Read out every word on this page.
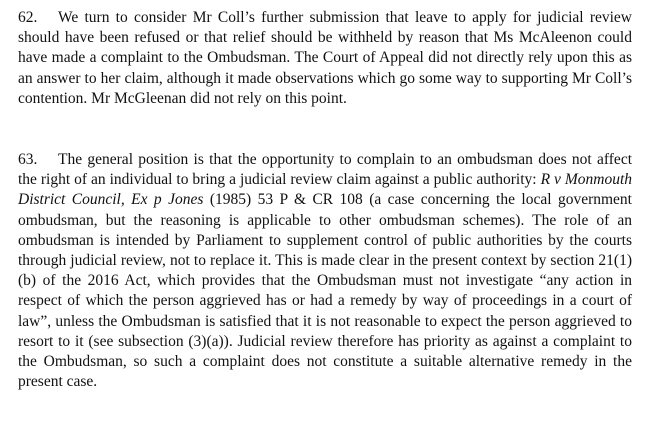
62. We turn to consider Mr Coll’s further submission that leave to apply for judicial review should have been refused or that relief should be withheld by reason that Ms McAleenon could have made a complaint to the Ombudsman. The Court of Appeal did not directly rely upon this as an answer to her claim, although it made observations which go some way to supporting Mr Coll’s contention. Mr McGleenan did not rely on this point.

63. The general position is that the opportunity to complain to an ombudsman does not affect the right of an individual to bring a judicial review claim against a public authority: R v Monmouth District Council, Ex p Jones (1985) 53 P & CR 108 (a case concerning the local government ombudsman, but the reasoning is applicable to other ombudsman schemes). The role of an ombudsman is intended by Parliament to supplement control of public authorities by the courts through judicial review, not to replace it. This is made clear in the present context by section 21(1)(b) of the 2016 Act, which provides that the Ombudsman must not investigate “any action in respect of which the person aggrieved has or had a remedy by way of proceedings in a court of law”, unless the Ombudsman is satisfied that it is not reasonable to expect the person aggrieved to resort to it (see subsection (3)(a)). Judicial review therefore has priority as against a complaint to the Ombudsman, so such a complaint does not constitute a suitable alternative remedy in the present case.
